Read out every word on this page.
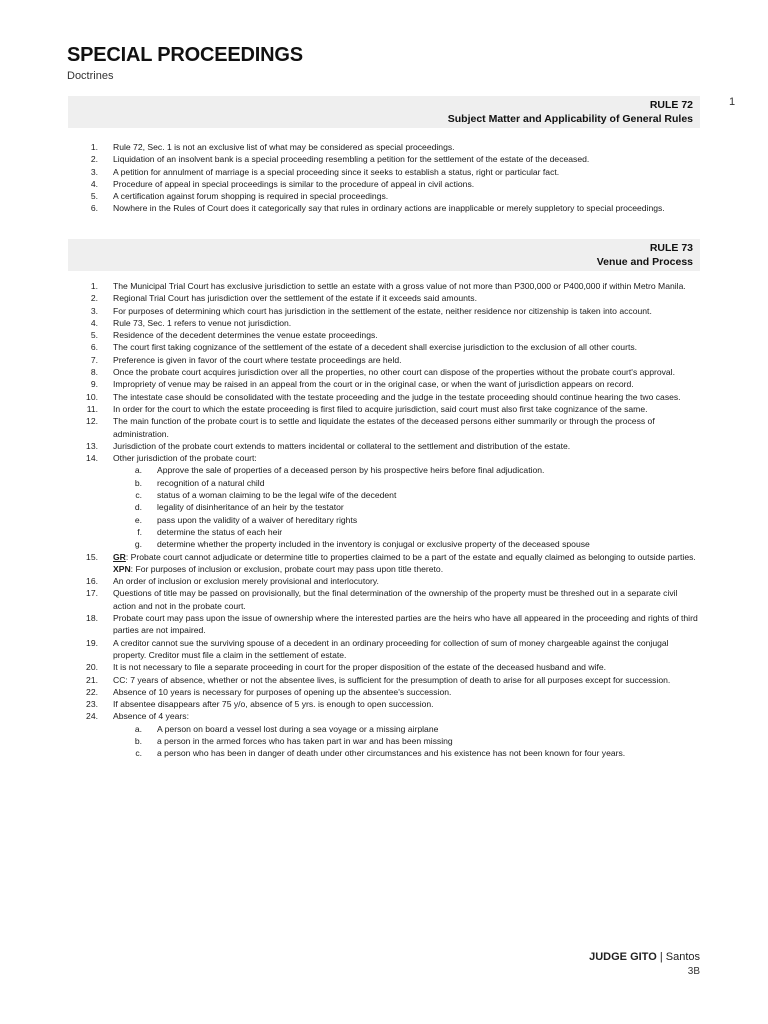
SPECIAL PROCEEDINGS
Doctrines
1
RULE 72
Subject Matter and Applicability of General Rules
1. Rule 72, Sec. 1 is not an exclusive list of what may be considered as special proceedings.
2. Liquidation of an insolvent bank is a special proceeding resembling a petition for the settlement of the estate of the deceased.
3. A petition for annulment of marriage is a special proceeding since it seeks to establish a status, right or particular fact.
4. Procedure of appeal in special proceedings is similar to the procedure of appeal in civil actions.
5. A certification against forum shopping is required in special proceedings.
6. Nowhere in the Rules of Court does it categorically say that rules in ordinary actions are inapplicable or merely suppletory to special proceedings.
RULE 73
Venue and Process
1. The Municipal Trial Court has exclusive jurisdiction to settle an estate with a gross value of not more than P300,000 or P400,000 if within Metro Manila.
2. Regional Trial Court has jurisdiction over the settlement of the estate if it exceeds said amounts.
3. For purposes of determining which court has jurisdiction in the settlement of the estate, neither residence nor citizenship is taken into account.
4. Rule 73, Sec. 1 refers to venue not jurisdiction.
5. Residence of the decedent determines the venue estate proceedings.
6. The court first taking cognizance of the settlement of the estate of a decedent shall exercise jurisdiction to the exclusion of all other courts.
7. Preference is given in favor of the court where testate proceedings are held.
8. Once the probate court acquires jurisdiction over all the properties, no other court can dispose of the properties without the probate court's approval.
9. Impropriety of venue may be raised in an appeal from the court or in the original case, or when the want of jurisdiction appears on record.
10. The intestate case should be consolidated with the testate proceeding and the judge in the testate proceeding should continue hearing the two cases.
11. In order for the court to which the estate proceeding is first filed to acquire jurisdiction, said court must also first take cognizance of the same.
12. The main function of the probate court is to settle and liquidate the estates of the deceased persons either summarily or through the process of administration.
13. Jurisdiction of the probate court extends to matters incidental or collateral to the settlement and distribution of the estate.
14. Other jurisdiction of the probate court:
a. Approve the sale of properties of a deceased person by his prospective heirs before final adjudication.
b. recognition of a natural child
c. status of a woman claiming to be the legal wife of the decedent
d. legality of disinheritance of an heir by the testator
e. pass upon the validity of a waiver of hereditary rights
f. determine the status of each heir
g. determine whether the property included in the inventory is conjugal or exclusive property of the deceased spouse
15. GR: Probate court cannot adjudicate or determine title to properties claimed to be a part of the estate and equally claimed as belonging to outside parties.
XPN: For purposes of inclusion or exclusion, probate court may pass upon title thereto.
16. An order of inclusion or exclusion merely provisional and interlocutory.
17. Questions of title may be passed on provisionally, but the final determination of the ownership of the property must be threshed out in a separate civil action and not in the probate court.
18. Probate court may pass upon the issue of ownership where the interested parties are the heirs who have all appeared in the proceeding and rights of third parties are not impaired.
19. A creditor cannot sue the surviving spouse of a decedent in an ordinary proceeding for collection of sum of money chargeable against the conjugal property. Creditor must file a claim in the settlement of estate.
20. It is not necessary to file a separate proceeding in court for the proper disposition of the estate of the deceased husband and wife.
21. CC: 7 years of absence, whether or not the absentee lives, is sufficient for the presumption of death to arise for all purposes except for succession.
22. Absence of 10 years is necessary for purposes of opening up the absentee's succession.
23. If absentee disappears after 75 y/o, absence of 5 yrs. is enough to open succession.
24. Absence of 4 years:
a. A person on board a vessel lost during a sea voyage or a missing airplane
b. a person in the armed forces who has taken part in war and has been missing
c. a person who has been in danger of death under other circumstances and his existence has not been known for four years.
JUDGE GITO | Santos
3B
